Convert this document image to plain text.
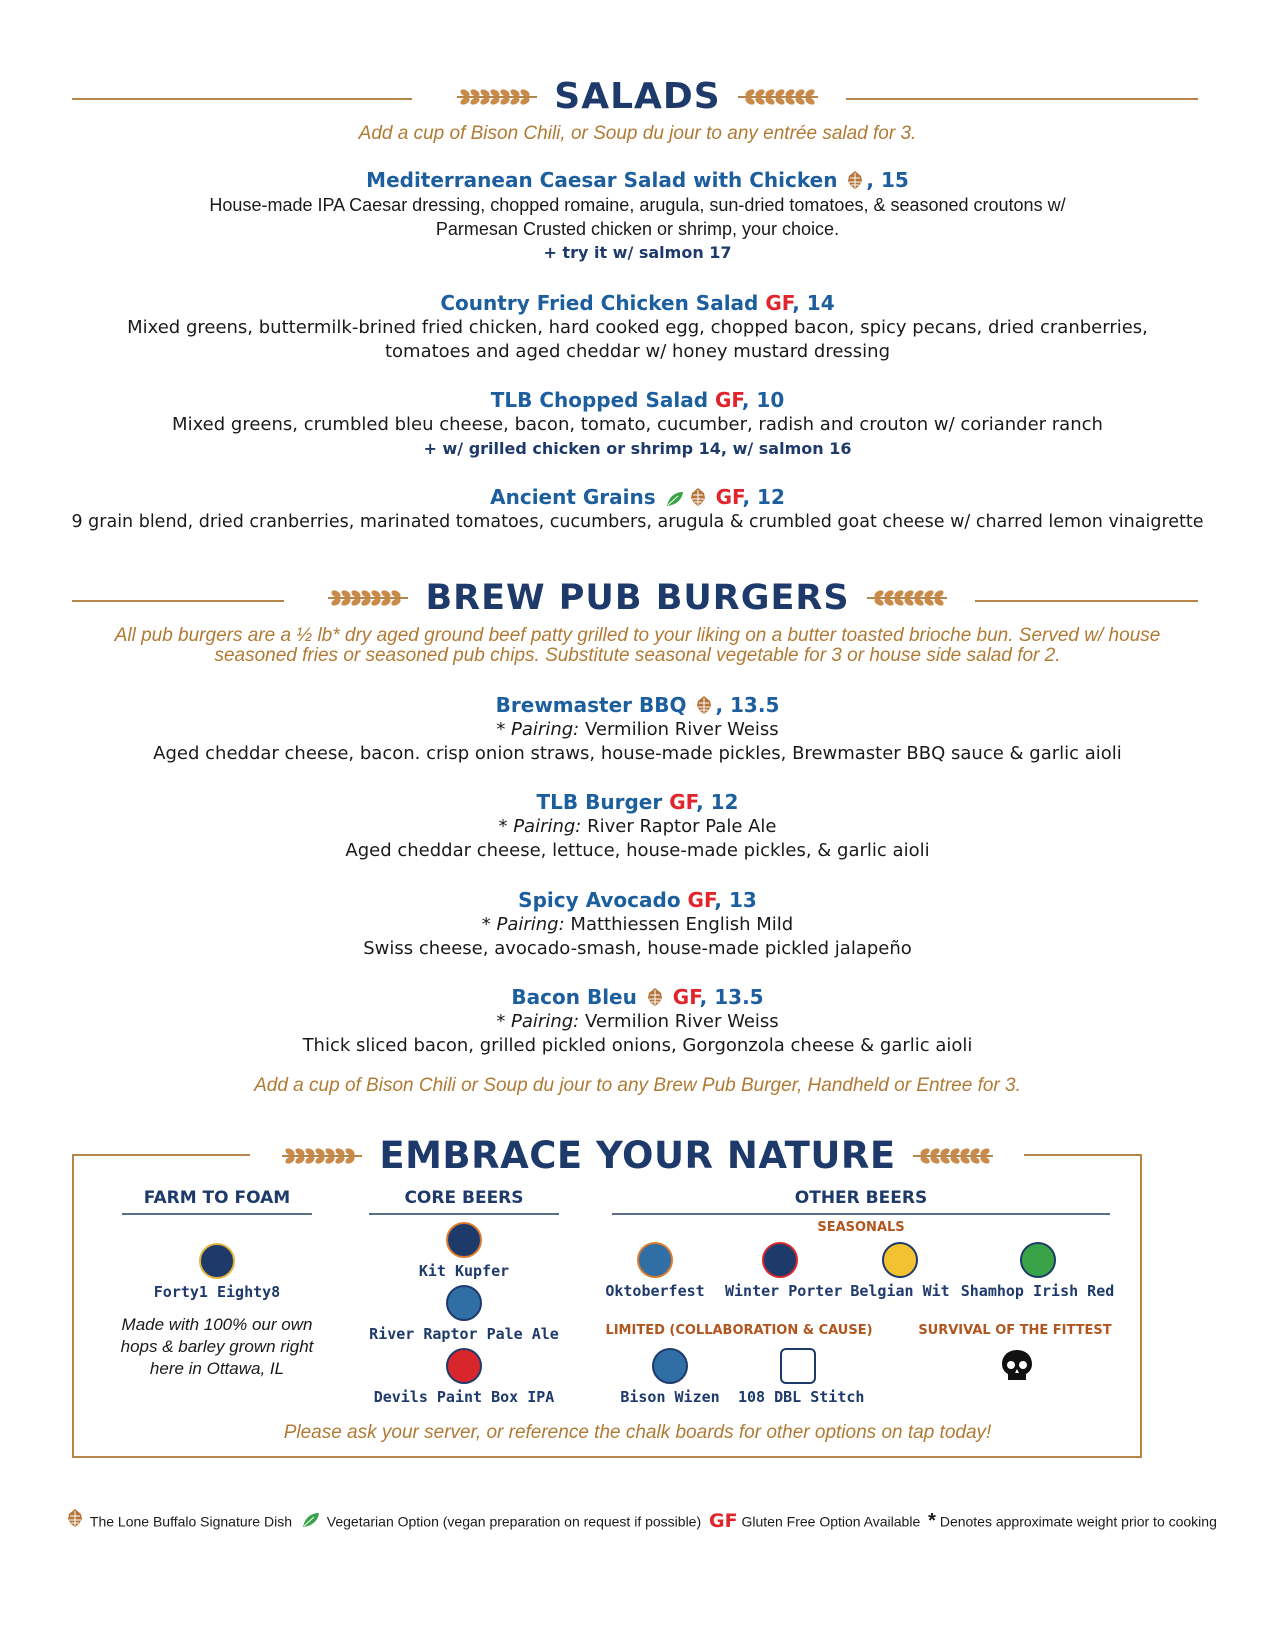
SALADS
Add a cup of Bison Chili, or Soup du jour to any entrée salad for 3.
Mediterranean Caesar Salad with Chicken , 15
House-made IPA Caesar dressing, chopped romaine, arugula, sun-dried tomatoes, & seasoned croutons w/
Parmesan Crusted chicken or shrimp, your choice.
+ try it w/ salmon 17
Country Fried Chicken Salad GF, 14
Mixed greens, buttermilk-brined fried chicken, hard cooked egg, chopped bacon, spicy pecans, dried cranberries,
tomatoes and aged cheddar w/ honey mustard dressing
TLB Chopped Salad GF, 10
Mixed greens, crumbled bleu cheese, bacon, tomato, cucumber, radish and crouton w/ coriander ranch
+ w/ grilled chicken or shrimp 14, w/ salmon 16
Ancient Grains	GF, 12
9 grain blend, dried cranberries, marinated tomatoes, cucumbers, arugula & crumbled goat cheese w/ charred lemon vinaigrette
BREW PUB BURGERS
All pub burgers are a ½ lb* dry aged ground beef patty grilled to your liking on a butter toasted brioche bun. Served w/ house
seasoned fries or seasoned pub chips. Substitute seasonal vegetable for 3 or house side salad for 2.
Brewmaster BBQ , 13.5
* Pairing: Vermilion River Weiss
Aged cheddar cheese, bacon. crisp onion straws, house-made pickles, Brewmaster BBQ sauce & garlic aioli
TLB Burger GF, 12
* Pairing: River Raptor Pale Ale
Aged cheddar cheese, lettuce, house-made pickles, & garlic aioli
Spicy Avocado GF, 13
* Pairing: Matthiessen English Mild
Swiss cheese, avocado-smash, house-made pickled jalapeño
Bacon Bleu GF, 13.5
* Pairing: Vermilion River Weiss
Thick sliced bacon, grilled pickled onions, Gorgonzola cheese & garlic aioli
Add a cup of Bison Chili or Soup du jour to any Brew Pub Burger, Handheld or Entree for 3.
EMBRACE YOUR NATURE
FARM TO FOAM
Forty1 Eighty8
Made with 100% our own
hops & barley grown right
here in Ottawa, IL
CORE BEERS
Kit Kupfer
River Raptor Pale Ale
Devils Paint Box IPA
OTHER BEERS
SEASONALS
Oktoberfest	Winter Porter Belgian Wit Shamhop Irish Red
LIMITED (COLLABORATION & CAUSE)	SURVIVAL OF THE FITTEST
Bison Wizen	108 DBL Stitch
Please ask your server, or reference the chalk boards for other options on tap today!
The Lone Buffalo Signature Dish Vegetarian Option (vegan preparation on request if possible) GF Gluten Free Option Available * Denotes approximate weight prior to cooking
